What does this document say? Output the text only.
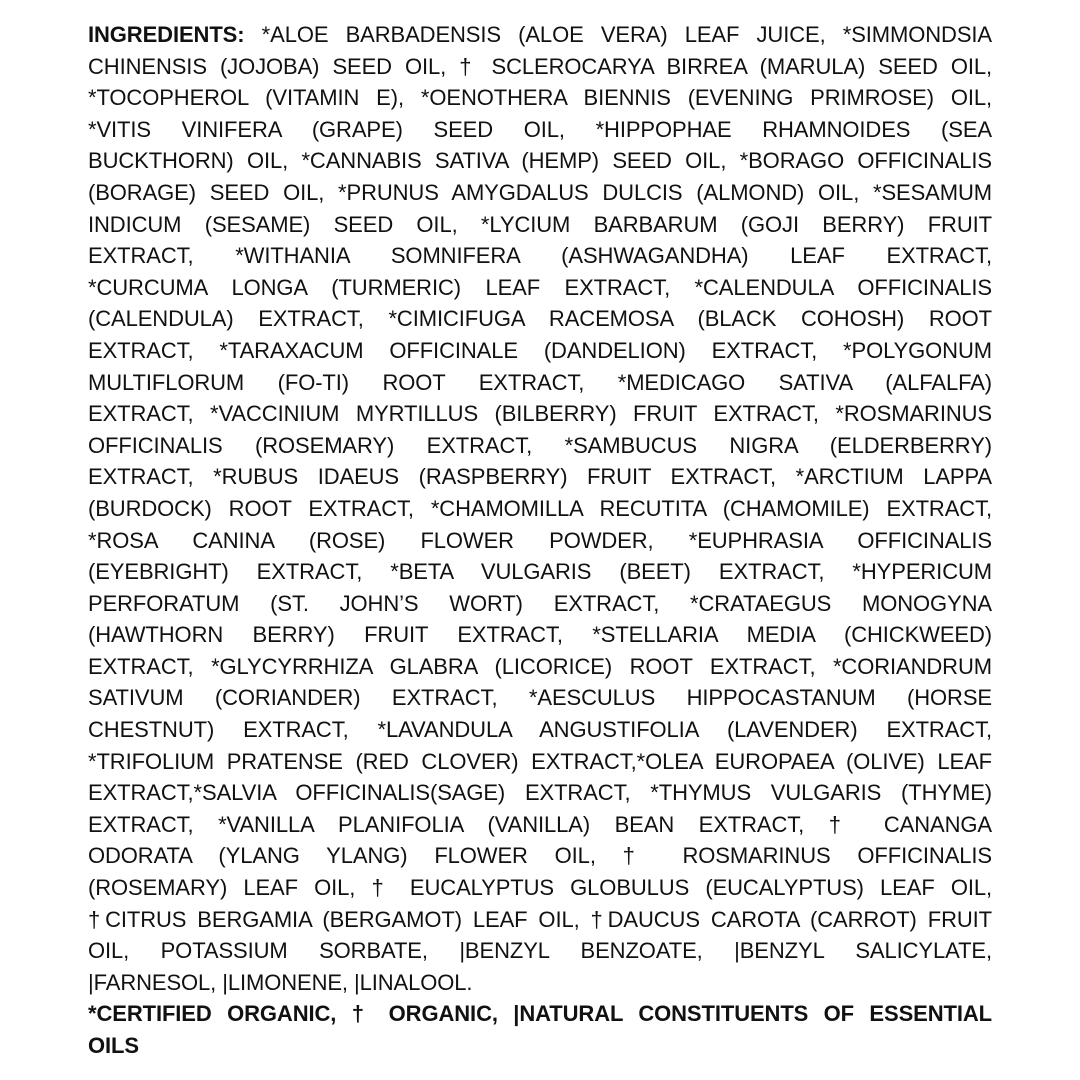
INGREDIENTS: *ALOE BARBADENSIS (ALOE VERA) LEAF JUICE, *SIMMONDSIA
CHINENSIS (JOJOBA) SEED OIL, † SCLEROCARYA BIRREA (MARULA) SEED OIL,
*TOCOPHEROL (VITAMIN E), *OENOTHERA BIENNIS (EVENING PRIMROSE) OIL,
*VITIS VINIFERA (GRAPE) SEED OIL, *HIPPOPHAE RHAMNOIDES (SEA
BUCKTHORN) OIL, *CANNABIS SATIVA (HEMP) SEED OIL, *BORAGO OFFICINALIS
(BORAGE) SEED OIL, *PRUNUS AMYGDALUS DULCIS (ALMOND) OIL, *SESAMUM
INDICUM (SESAME) SEED OIL, *LYCIUM BARBARUM (GOJI BERRY) FRUIT
EXTRACT, *WITHANIA SOMNIFERA (ASHWAGANDHA) LEAF EXTRACT,
*CURCUMA LONGA (TURMERIC) LEAF EXTRACT, *CALENDULA OFFICINALIS
(CALENDULA) EXTRACT, *CIMICIFUGA RACEMOSA (BLACK COHOSH) ROOT
EXTRACT, *TARAXACUM OFFICINALE (DANDELION) EXTRACT, *POLYGONUM
MULTIFLORUM (FO-TI) ROOT EXTRACT, *MEDICAGO SATIVA (ALFALFA)
EXTRACT, *VACCINIUM MYRTILLUS (BILBERRY) FRUIT EXTRACT, *ROSMARINUS
OFFICINALIS (ROSEMARY) EXTRACT, *SAMBUCUS NIGRA (ELDERBERRY)
EXTRACT, *RUBUS IDAEUS (RASPBERRY) FRUIT EXTRACT, *ARCTIUM LAPPA
(BURDOCK) ROOT EXTRACT, *CHAMOMILLA RECUTITA (CHAMOMILE) EXTRACT,
*ROSA CANINA (ROSE) FLOWER POWDER, *EUPHRASIA OFFICINALIS
(EYEBRIGHT) EXTRACT, *BETA VULGARIS (BEET) EXTRACT, *HYPERICUM
PERFORATUM (ST. JOHN’S WORT) EXTRACT, *CRATAEGUS MONOGYNA
(HAWTHORN BERRY) FRUIT EXTRACT, *STELLARIA MEDIA (CHICKWEED)
EXTRACT, *GLYCYRRHIZA GLABRA (LICORICE) ROOT EXTRACT, *CORIANDRUM
SATIVUM (CORIANDER) EXTRACT, *AESCULUS HIPPOCASTANUM (HORSE
CHESTNUT) EXTRACT, *LAVANDULA ANGUSTIFOLIA (LAVENDER) EXTRACT,
*TRIFOLIUM PRATENSE (RED CLOVER) EXTRACT,*OLEA EUROPAEA (OLIVE) LEAF
EXTRACT,*SALVIA OFFICINALIS(SAGE) EXTRACT, *THYMUS VULGARIS (THYME)
EXTRACT, *VANILLA PLANIFOLIA (VANILLA) BEAN EXTRACT, † CANANGA
ODORATA (YLANG YLANG) FLOWER OIL, † ROSMARINUS OFFICINALIS
(ROSEMARY) LEAF OIL, † EUCALYPTUS GLOBULUS (EUCALYPTUS) LEAF OIL,
†CITRUS BERGAMIA (BERGAMOT) LEAF OIL, †DAUCUS CAROTA (CARROT) FRUIT
OIL, POTASSIUM SORBATE, |BENZYL BENZOATE, |BENZYL SALICYLATE,
|FARNESOL, |LIMONENE, |LINALOOL.
*CERTIFIED ORGANIC, † ORGANIC, |NATURAL CONSTITUENTS OF ESSENTIAL
OILS
